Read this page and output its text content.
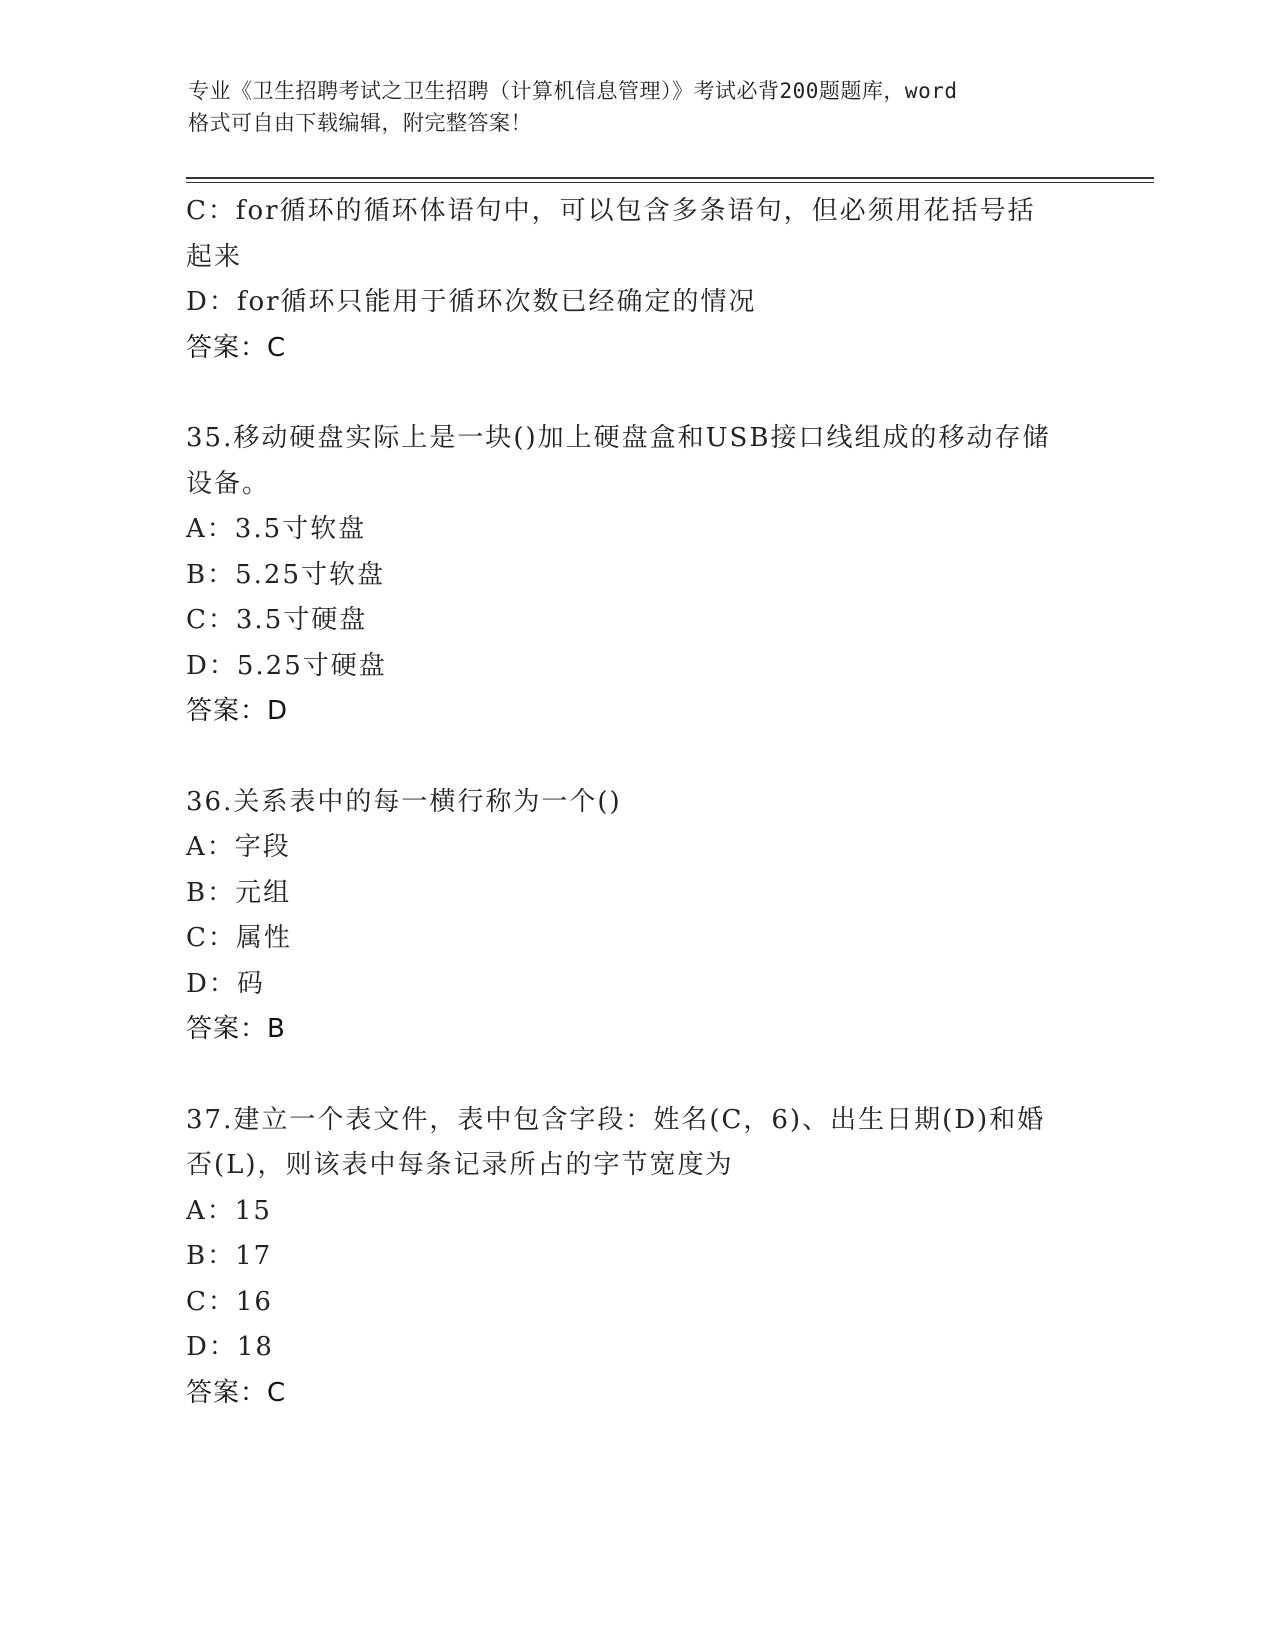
专业《卫生招聘考试之卫生招聘（计算机信息管理）》考试必背200题题库，word
格式可自由下载编辑，附完整答案！
C：for循环的循环体语句中，可以包含多条语句，但必须用花括号括
起来
D：for循环只能用于循环次数已经确定的情况
答案：C
35.移动硬盘实际上是一块()加上硬盘盒和USB接口线组成的移动存储
设备。
A：3.5寸软盘
B：5.25寸软盘
C：3.5寸硬盘
D：5.25寸硬盘
答案：D
36.关系表中的每一横行称为一个()
A：字段
B：元组
C：属性
D：码
答案：B
37.建立一个表文件，表中包含字段：姓名(C，6)、出生日期(D)和婚
否(L)，则该表中每条记录所占的字节宽度为
A：15
B：17
C：16
D：18
答案：C
